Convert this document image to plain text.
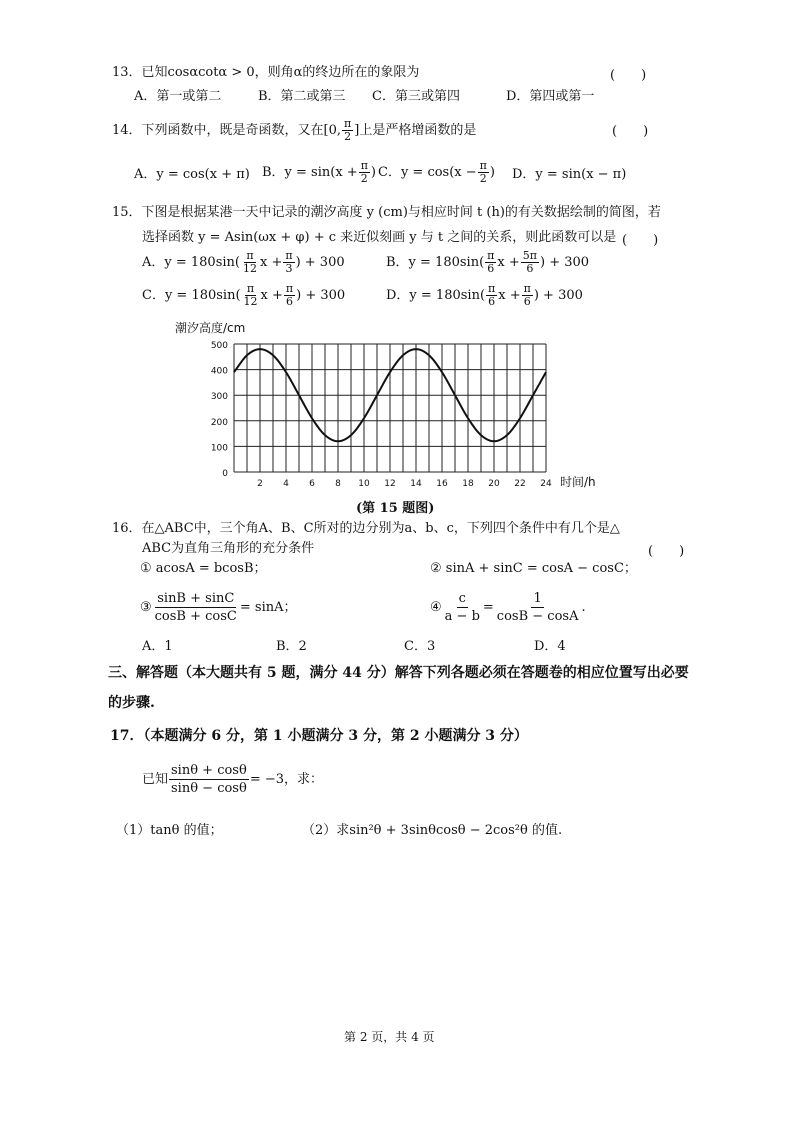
13．已知cosαcotα > 0，则角α的终边所在的象限为	(　　)
A．第一或第二	B．第二或第三 C．第三或第四	D．第四或第一
14．下列函数中，既是奇函数，又在[0, $\frac{\pi}{2}$ ]上是严格增函数的是	(　　)
A．y = cos(x + π) B．$y = \sin(x + \frac{\pi}{2}$ ) C．$y = \cos(x - \frac{\pi}{2}$ ) D．y = sin(x − π)
15．下图是根据某港一天中记录的潮汐高度 y (cm)与相应时间 t (h)的有关数据绘制的简图，若
选择函数 y = Asin(ωx + φ) + c 来近似刻画 y 与 t 之间的关系，则此函数可以是 (　　)
A．$y = 180\sin( \frac{\pi}{12}$ $x + \frac{\pi}{3}$ ) + 300	B．$y = 180\sin( \frac{\pi}{6}$ $x + \frac{5\pi}{6}$ ) + 300
C．$y = 180\sin( \frac{\pi}{12}$ $x + \frac{\pi}{6}$ ) + 300	D．$y = 180\sin( \frac{\pi}{6}$ $x + \frac{\pi}{6}$ ) + 300
潮汐高度/cm
0
100
200
300
400
500
2 4 6 8 10 12 14 16 18 20 22 24 时间/h
(第 15 题图)
16．在△ABC中，三个角A、B、C所对的边分别为a、b、c，下列四个条件中有几个是△
ABC为直角三角形的充分条件	(　　)
① acosA = bcosB；	② sinA + sinC = cosA − cosC；
③ $\frac{\sin B + \sin C}{\cos B + \cos C} = \sin A$；	④ $\frac{c}{a - b} = \frac{1}{\cos B - \cos A}$ .
A．1	B．2	C．3	D．4
三、解答题（本大题共有 5 题，满分 44 分）解答下列各题必须在答题卷的相应位置写出必要
的步骤.
17．（本题满分 6 分，第 1 小题满分 3 分，第 2 小题满分 3 分）
已知 $\frac{\sin\theta + \cos\theta}{\sin\theta - \cos\theta} = -3$，求：
（1）tanθ 的值；	（2）求sin²θ + 3sinθcosθ − 2cos²θ 的值.
第 2 页，共 4 页
